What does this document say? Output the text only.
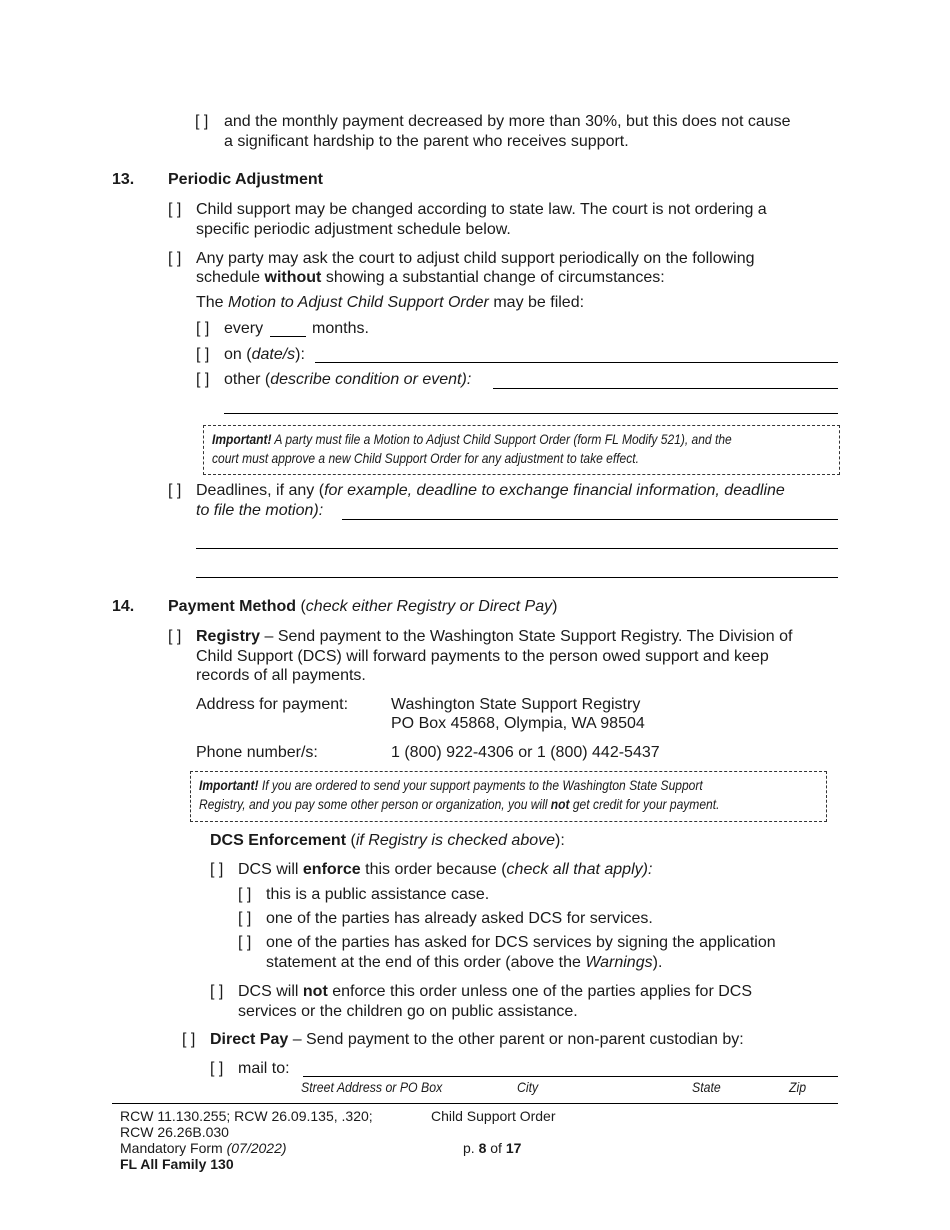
[ ] and the monthly payment decreased by more than 30%, but this does not cause
a significant hardship to the parent who receives support.
13. Periodic Adjustment
[ ] Child support may be changed according to state law. The court is not ordering a
specific periodic adjustment schedule below.
[ ] Any party may ask the court to adjust child support periodically on the following
schedule without showing a substantial change of circumstances:
The Motion to Adjust Child Support Order may be filed:
[ ] every	months.
[ ] on (date/s):
[ ] other (describe condition or event):
Important! A party must file a Motion to Adjust Child Support Order (form FL Modify 521), and the
court must approve a new Child Support Order for any adjustment to take effect.
[ ] Deadlines, if any (for example, deadline to exchange financial information, deadline
to file the motion):
14. Payment Method (check either Registry or Direct Pay)
[ ] Registry – Send payment to the Washington State Support Registry. The Division of
Child Support (DCS) will forward payments to the person owed support and keep
records of all payments.
Address for payment:	Washington State Support Registry
PO Box 45868, Olympia, WA 98504
Phone number/s:	1 (800) 922-4306 or 1 (800) 442-5437
Important! If you are ordered to send your support payments to the Washington State Support
Registry, and you pay some other person or organization, you will not get credit for your payment.
DCS Enforcement (if Registry is checked above):
[ ] DCS will enforce this order because (check all that apply):
[ ] this is a public assistance case.
[ ] one of the parties has already asked DCS for services.
[ ] one of the parties has asked for DCS services by signing the application
statement at the end of this order (above the Warnings).
[ ] DCS will not enforce this order unless one of the parties applies for DCS
services or the children go on public assistance.
[ ] Direct Pay – Send payment to the other parent or non-parent custodian by:
[ ] mail to:
Street Address or PO Box	City	State	Zip
RCW 11.130.255; RCW 26.09.135, .320;
RCW 26.26B.030
Mandatory Form (07/2022)
FL All Family 130
Child Support Order
p. 8 of 17
